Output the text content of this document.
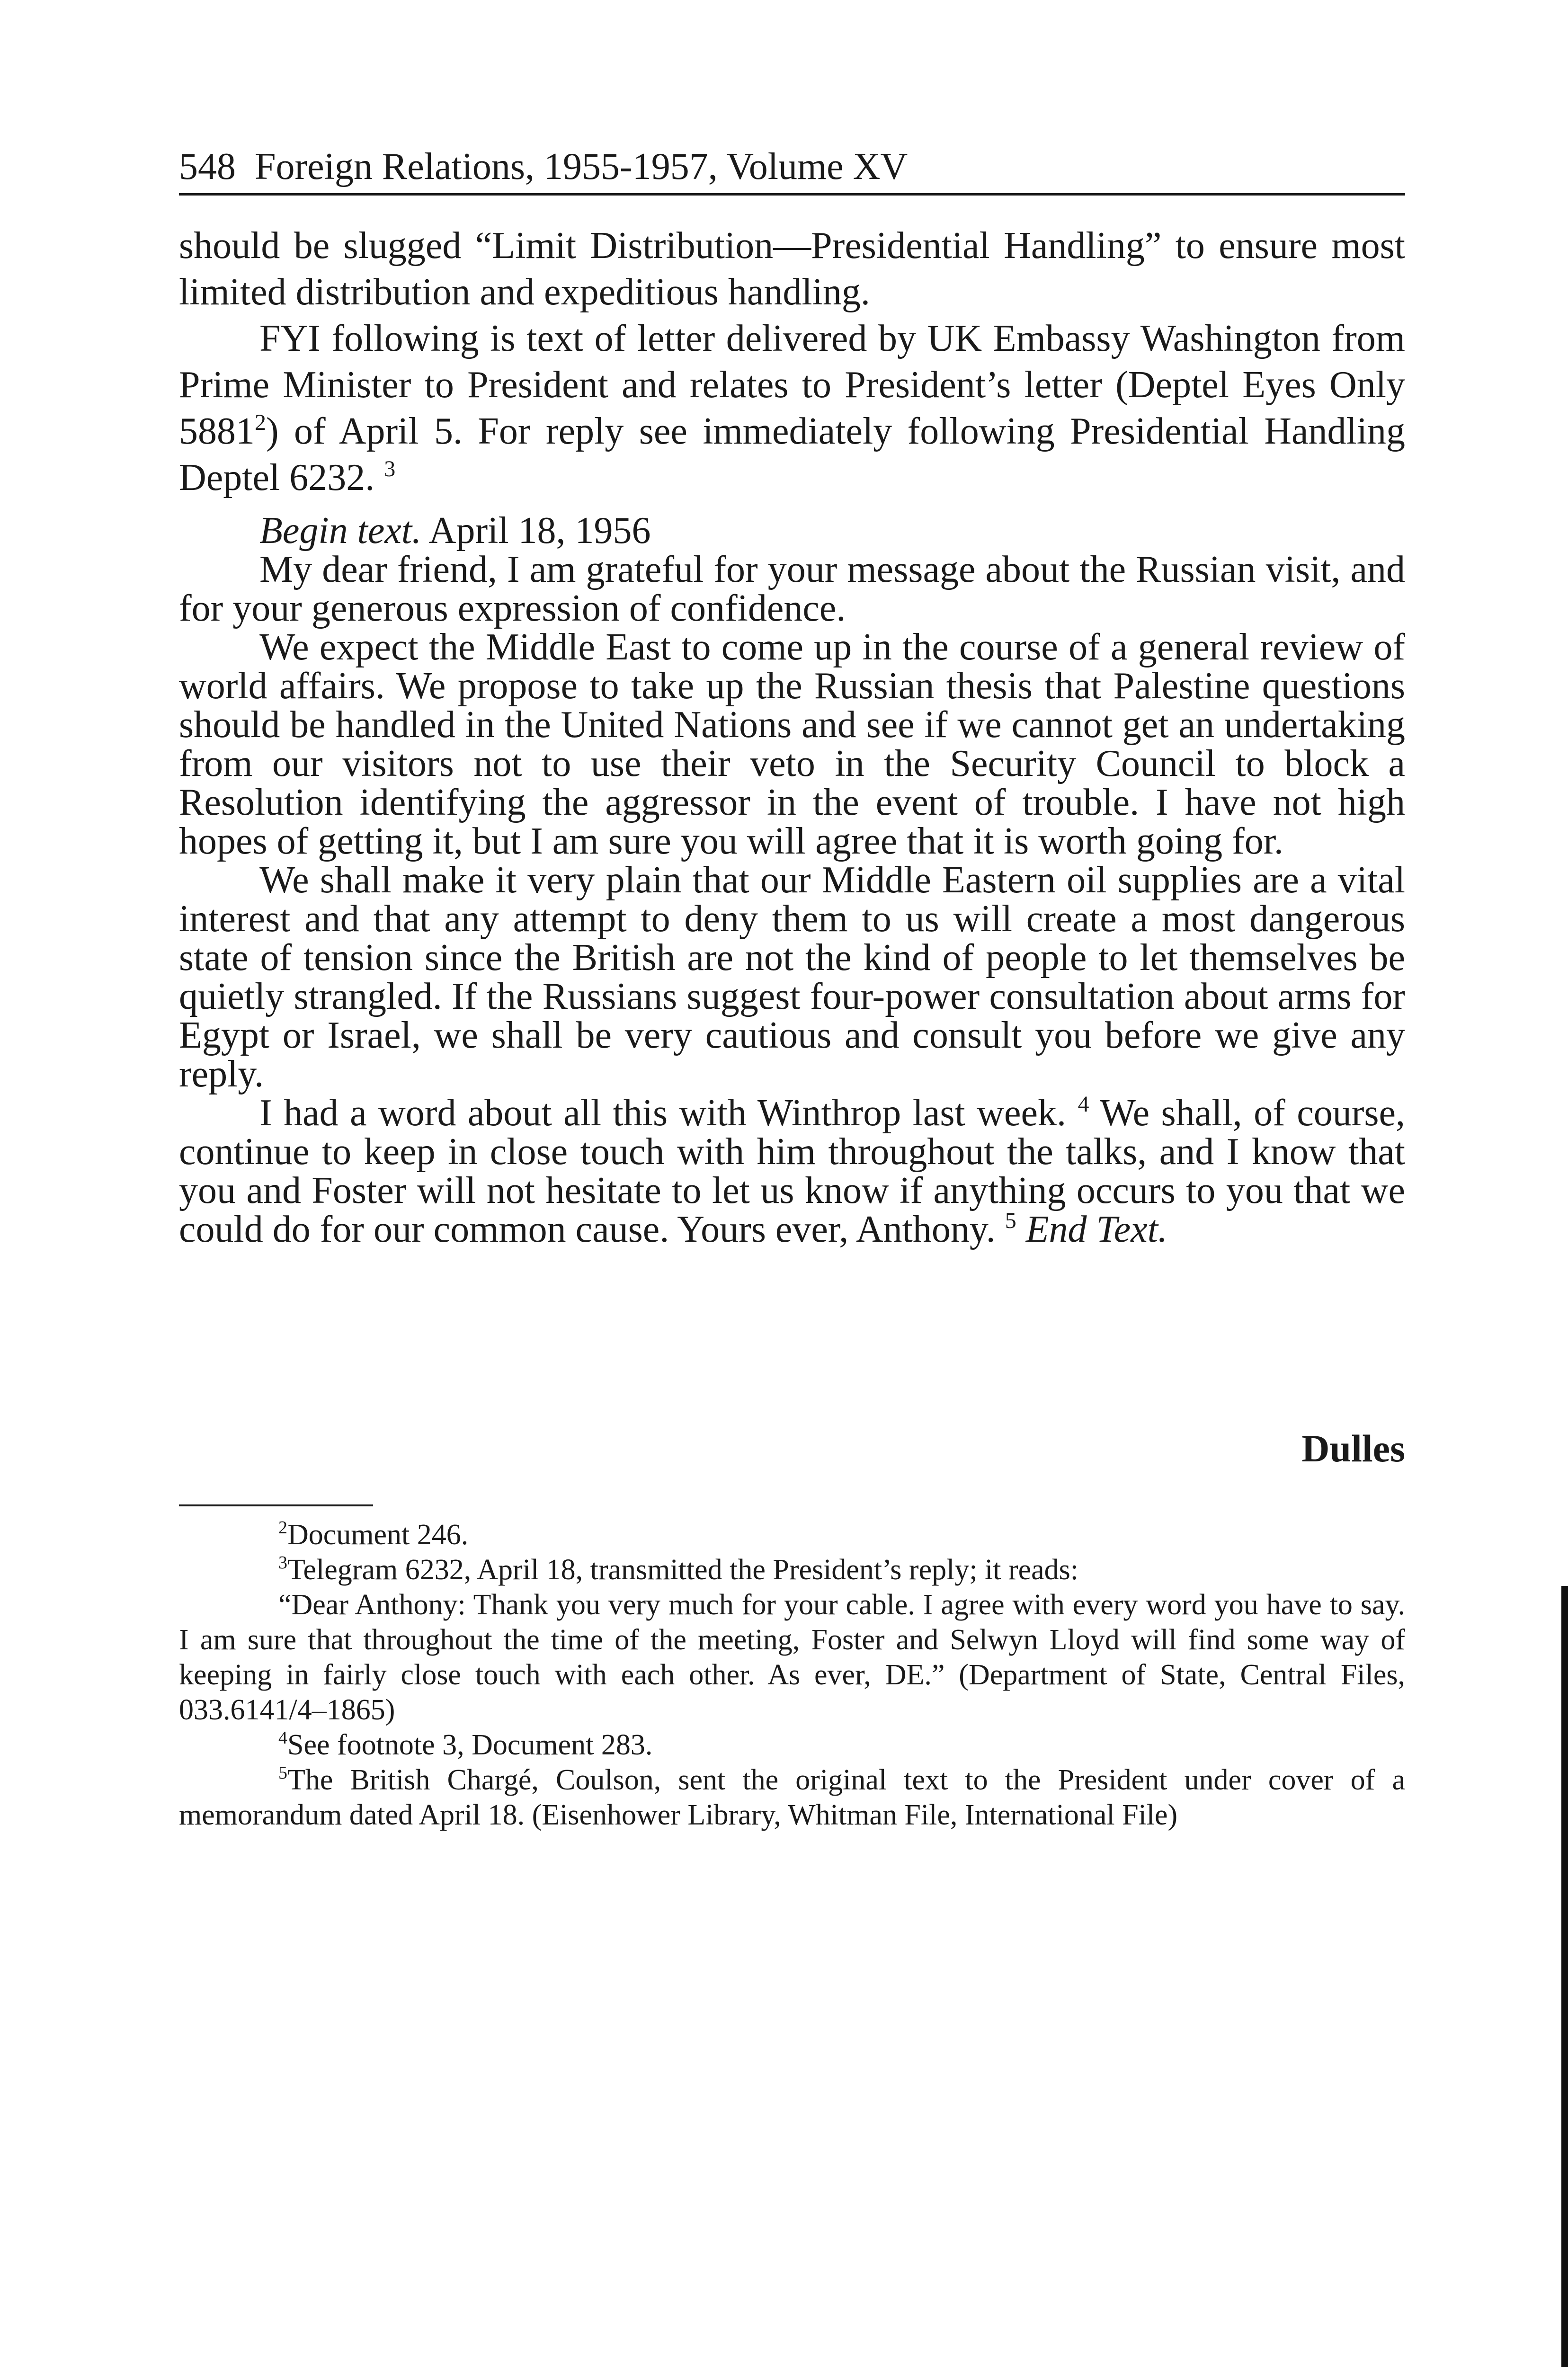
548 Foreign Relations, 1955-1957, Volume XV

should be slugged “Limit Distribution—Presidential Handling” to ensure most limited distribution and expeditious handling.

FYI following is text of letter delivered by UK Embassy Washington from Prime Minister to President and relates to President’s letter (Deptel Eyes Only 5881$^2$) of April 5. For reply see immediately following Presidential Handling Deptel 6232. $^3$

Begin text. April 18, 1956

My dear friend, I am grateful for your message about the Russian visit, and for your generous expression of confidence.

We expect the Middle East to come up in the course of a general review of world affairs. We propose to take up the Russian thesis that Palestine questions should be handled in the United Nations and see if we cannot get an undertaking from our visitors not to use their veto in the Security Council to block a Resolution identifying the aggressor in the event of trouble. I have not high hopes of getting it, but I am sure you will agree that it is worth going for.

We shall make it very plain that our Middle Eastern oil supplies are a vital interest and that any attempt to deny them to us will create a most dangerous state of tension since the British are not the kind of people to let themselves be quietly strangled. If the Russians suggest four-power consultation about arms for Egypt or Israel, we shall be very cautious and consult you before we give any reply.

I had a word about all this with Winthrop last week. $^4$ We shall, of course, continue to keep in close touch with him throughout the talks, and I know that you and Foster will not hesitate to let us know if anything occurs to you that we could do for our common cause. Yours ever, Anthony. $^5$ End Text.

Dulles

$^2$Document 246.

$^3$Telegram 6232, April 18, transmitted the President’s reply; it reads:

“Dear Anthony: Thank you very much for your cable. I agree with every word you have to say. I am sure that throughout the time of the meeting, Foster and Selwyn Lloyd will find some way of keeping in fairly close touch with each other. As ever, DE.” (Department of State, Central Files, 033.6141/4–1865)

$^4$See footnote 3, Document 283.

$^5$The British Chargé, Coulson, sent the original text to the President under cover of a memorandum dated April 18. (Eisenhower Library, Whitman File, International File)
